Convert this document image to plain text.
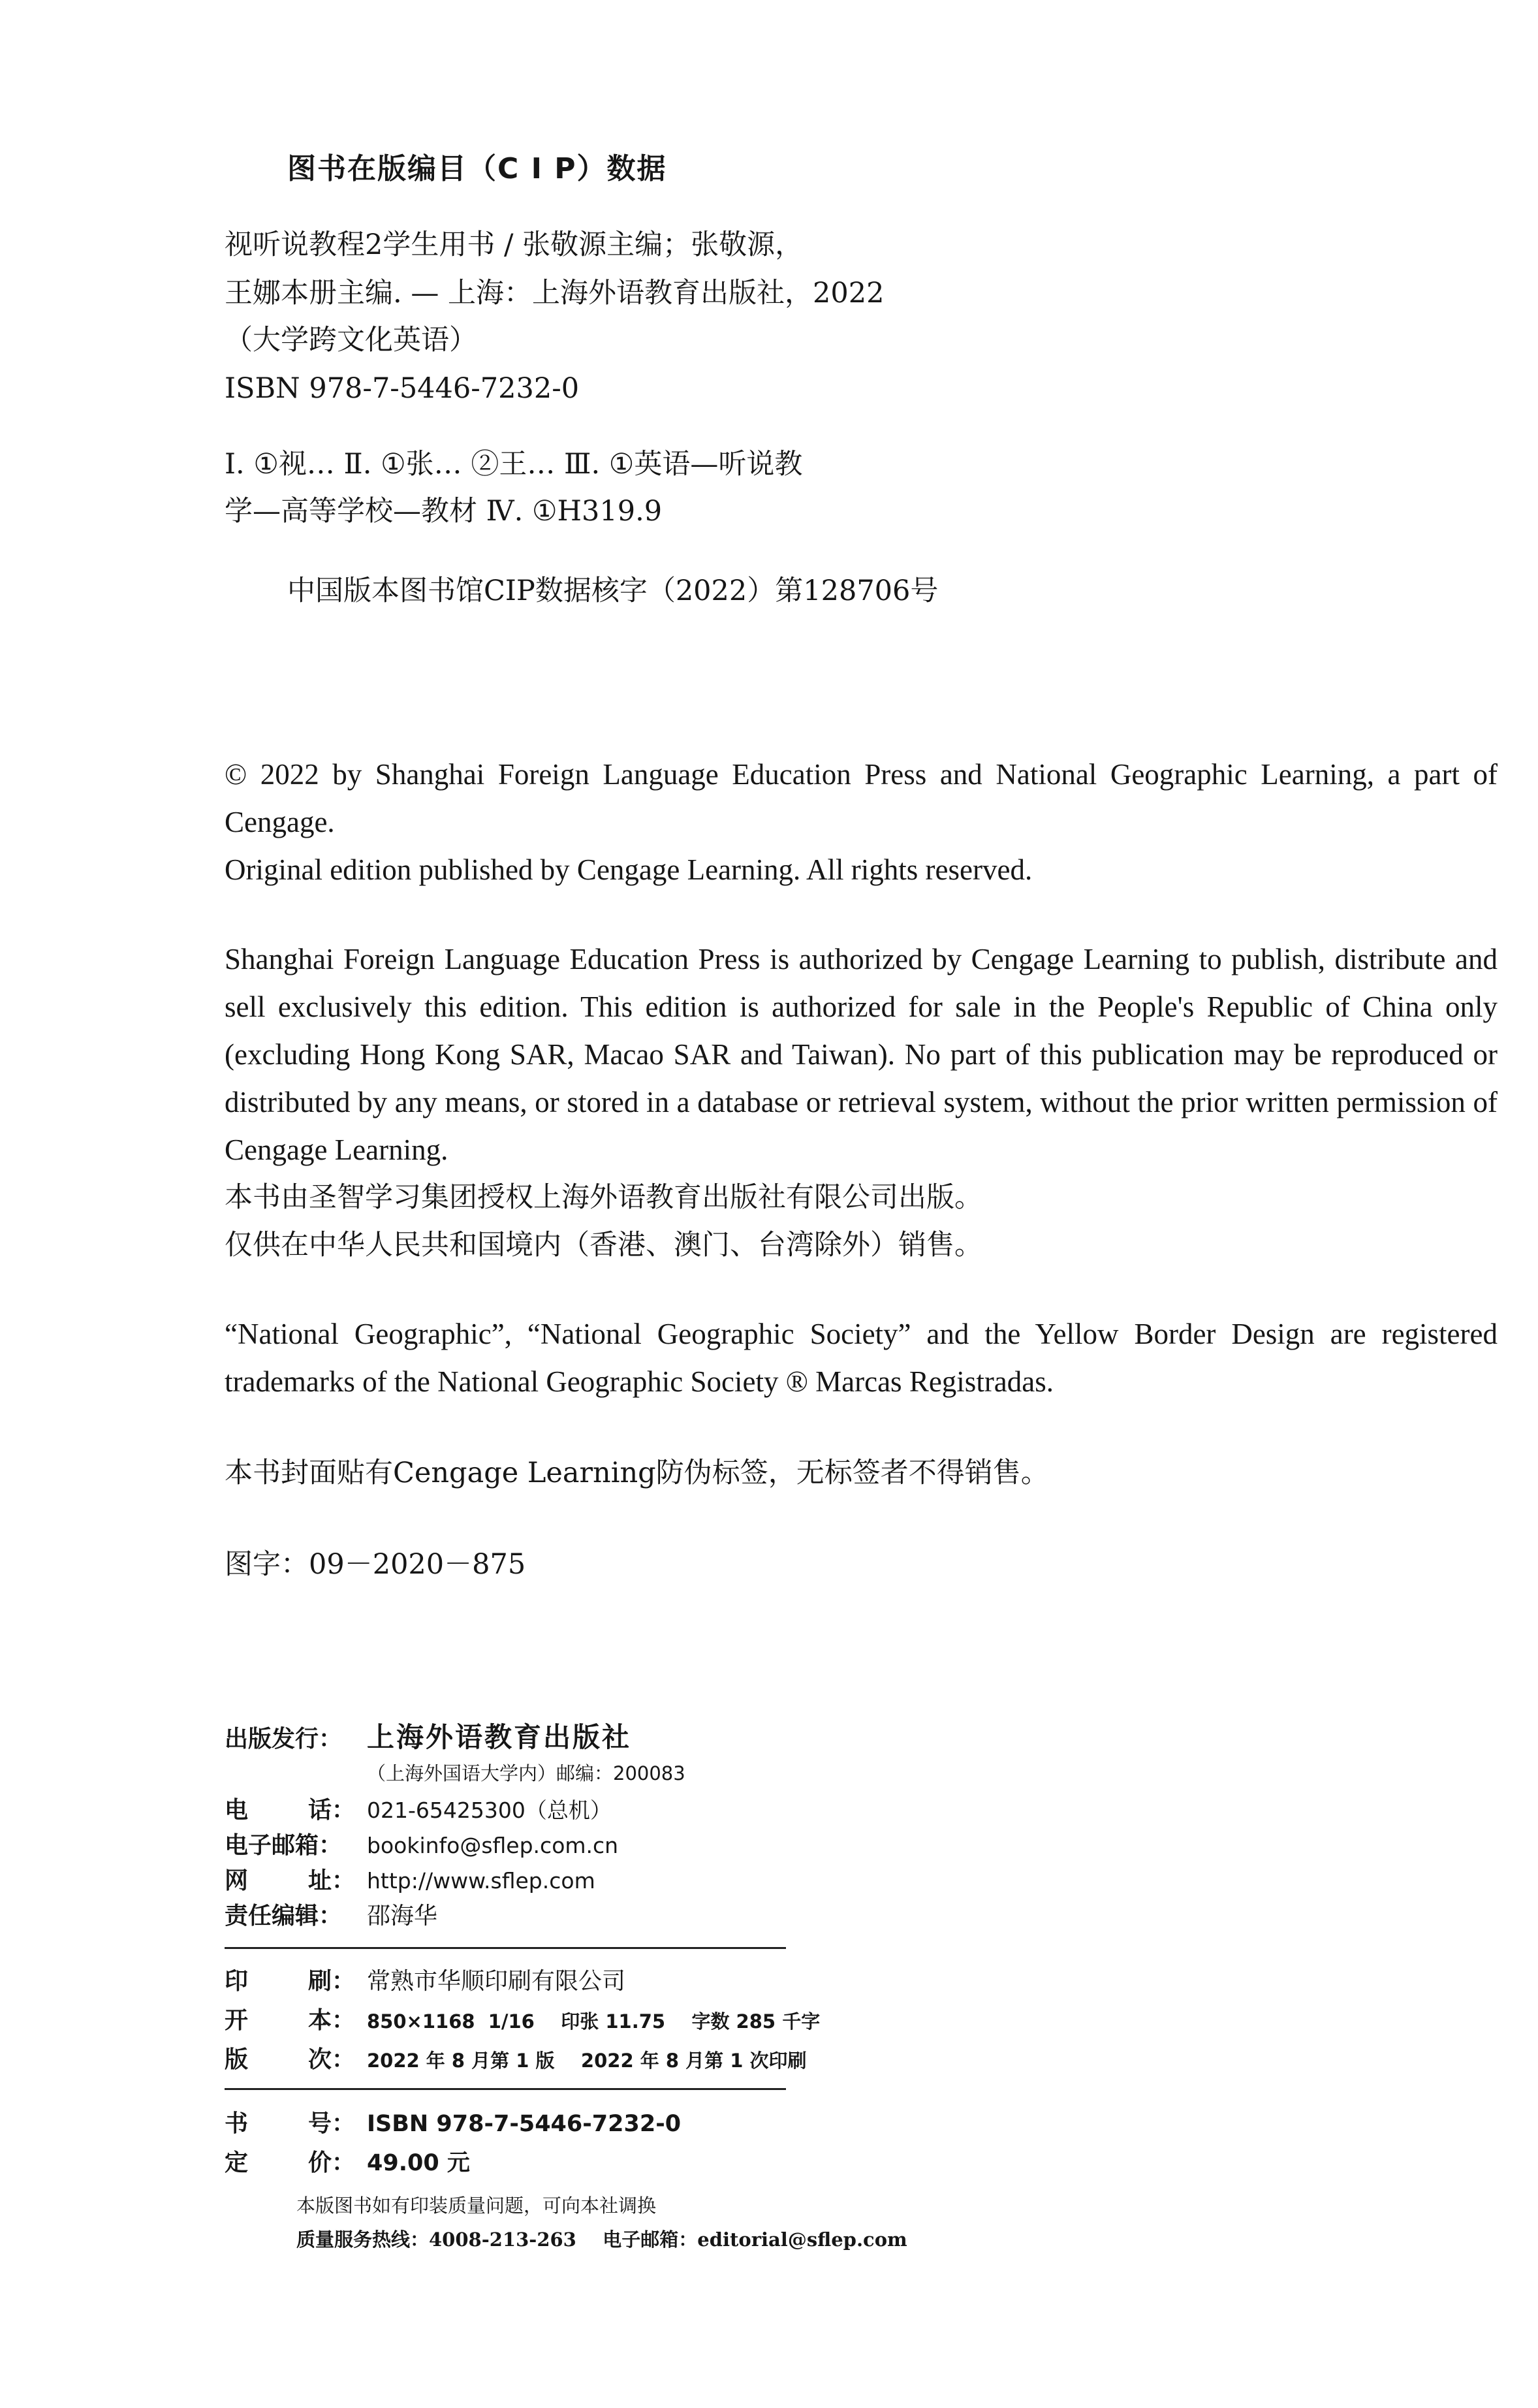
图书在版编目（C I P）数据
视听说教程2学生用书 / 张敬源主编；张敬源，
王娜本册主编. — 上海：上海外语教育出版社，2022
（大学跨文化英语）
ISBN 978-7-5446-7232-0
Ⅰ. ①视… Ⅱ. ①张… ②王… Ⅲ. ①英语—听说教
学—高等学校—教材 Ⅳ. ①H319.9
中国版本图书馆CIP数据核字（2022）第128706号

© 2022 by Shanghai Foreign Language Education Press and National Geographic Learning, a part of Cengage.

Original edition published by Cengage Learning. All rights reserved.

Shanghai Foreign Language Education Press is authorized by Cengage Learning to publish, distribute and sell exclusively this edition. This edition is authorized for sale in the People's Republic of China only (excluding Hong Kong SAR, Macao SAR and Taiwan). No part of this publication may be reproduced or distributed by any means, or stored in a database or retrieval system, without the prior written permission of Cengage Learning.

本书由圣智学习集团授权上海外语教育出版社有限公司出版。

仅供在中华人民共和国境内（香港、澳门、台湾除外）销售。

“National Geographic”, “National Geographic Society” and the Yellow Border Design are registered trademarks of the National Geographic Society ® Marcas Registradas.

本书封面贴有Cengage Learning防伪标签，无标签者不得销售。

图字：09－2020－875

出版发行： 上海外语教育出版社
（上海外国语大学内）邮编：200083
电	话： 021-65425300（总机）
电子邮箱：	bookinfo@sflep.com.cn
网	址： http://www.sflep.com
责任编辑：	邵海华
印	刷： 常熟市华顺印刷有限公司
开	本： 850×1168  1/16    印张 11.75    字数 285 千字
版	次： 2022 年 8 月第 1 版    2022 年 8 月第 1 次印刷
书	号： ISBN 978-7-5446-7232-0
定	价： 49.00 元
本版图书如有印装质量问题，可向本社调换
质量服务热线：4008-213-263    电子邮箱：editorial@sflep.com
